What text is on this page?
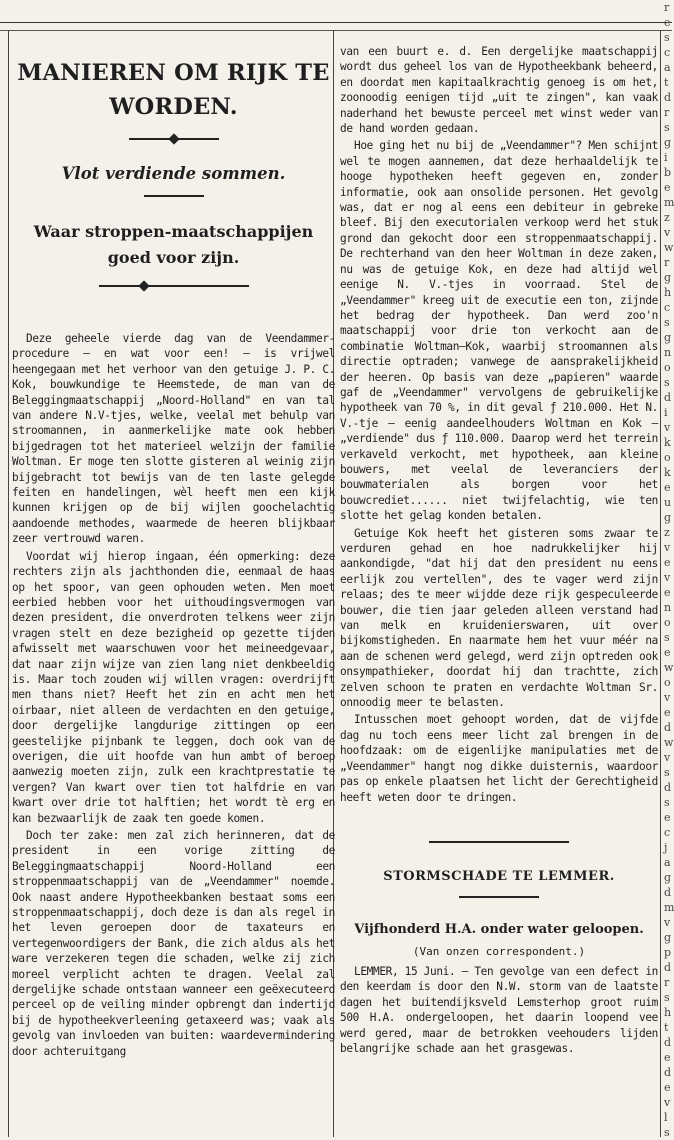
MANIEREN OM RIJK TE WORDEN.

Vlot verdiende sommen.

Waar stroppen-maatschappijen goed voor zijn.

Deze geheele vierde dag van de Veendammer-procedure — en wat voor een! — is vrijwel heengegaan met het verhoor van den getuige J. P. C. Kok, bouwkundige te Heemstede, de man van de Beleggingmaatschappij „Noord-Holland" en van tal van andere N.V-tjes, welke, veelal met behulp van stroomannen, in aanmerkelijke mate ook hebben bijgedragen tot het materieel welzijn der familie Woltman. Er moge ten slotte gisteren al weinig zijn bijgebracht tot bewijs van de ten laste gelegde feiten en handelingen, wèl heeft men een kijk kunnen krijgen op de bij wijlen goochelachtig aandoende methodes, waarmede de heeren blijkbaar zeer vertrouwd waren.

Voordat wij hierop ingaan, één opmerking: deze rechters zijn als jachthonden die, eenmaal de haas op het spoor, van geen ophouden weten. Men moet eerbied hebben voor het uithoudingsvermogen van dezen president, die onverdroten telkens weer zijn vragen stelt en deze bezigheid op gezette tijden afwisselt met waarschuwen voor het meineedgevaar, dat naar zijn wijze van zien lang niet denkbeeldig is. Maar toch zouden wij willen vragen: overdrijft men thans niet? Heeft het zin en acht men het oirbaar, niet alleen de verdachten en den getuige, door dergelijke langdurige zittingen op een geestelijke pijnbank te leggen, doch ook van de overigen, die uit hoofde van hun ambt of beroep aanwezig moeten zijn, zulk een krachtprestatie te vergen? Van kwart over tien tot halfdrie en van kwart over drie tot halftien; het wordt tè erg en kan bezwaarlijk de zaak ten goede komen.

Doch ter zake: men zal zich herinneren, dat de president in een vorige zitting de Beleggingmaatschappij Noord-Holland een stroppenmaatschappij van de „Veendammer" noemde. Ook naast andere Hypotheekbanken bestaat soms een stroppenmaatschappij, doch deze is dan als regel in het leven geroepen door de taxateurs en vertegenwoordigers der Bank, die zich aldus als het ware verzekeren tegen die schaden, welke zij zich moreel verplicht achten te dragen. Veelal zal dergelijke schade ontstaan wanneer een geëxecuteerd perceel op de veiling minder opbrengt dan indertijd bij de hypotheekverleening getaxeerd was; vaak als gevolg van invloeden van buiten: waardevermindering door achteruitgang

van een buurt e. d. Een dergelijke maatschappij wordt dus geheel los van de Hypotheekbank beheerd, en doordat men kapitaalkrachtig genoeg is om het, zoonoodig eenigen tijd „uit te zingen", kan vaak naderhand het bewuste perceel met winst weder van de hand worden gedaan.

Hoe ging het nu bij de „Veendammer"? Men schijnt wel te mogen aannemen, dat deze herhaaldelijk te hooge hypotheken heeft gegeven en, zonder informatie, ook aan onsolide personen. Het gevolg was, dat er nog al eens een debiteur in gebreke bleef. Bij den executorialen verkoop werd het stuk grond dan gekocht door een stroppenmaatschappij. De rechterhand van den heer Woltman in deze zaken, nu was de getuige Kok, en deze had altijd wel eenige N. V.-tjes in voorraad. Stel de „Veendammer" kreeg uit de executie een ton, zijnde het bedrag der hypotheek. Dan werd zoo'n maatschappij voor drie ton verkocht aan de combinatie Woltman—Kok, waarbij stroomannen als directie optraden; vanwege de aansprakelijkheid der heeren. Op basis van deze „papieren" waarde gaf de „Veendammer" vervolgens de gebruikelijke hypotheek van 70 %, in dit geval ƒ 210.000. Het N. V.-tje — eenig aandeelhouders Woltman en Kok — „verdiende" dus ƒ 110.000. Daarop werd het terrein verkaveld verkocht, met hypotheek, aan kleine bouwers, met veelal de leveranciers der bouwmaterialen als borgen voor het bouwcrediet...... niet twijfelachtig, wie ten slotte het gelag konden betalen.

Getuige Kok heeft het gisteren soms zwaar te verduren gehad en hoe nadrukkelijker hij aankondigde, "dat hij dat den president nu eens eerlijk zou vertellen", des te vager werd zijn relaas; des te meer wijdde deze rijk gespeculeerde bouwer, die tien jaar geleden alleen verstand had van melk en kruidenierswaren, uit over bijkomstigheden. En naarmate hem het vuur méér na aan de schenen werd gelegd, werd zijn optreden ook onsympathieker, doordat hij dan trachtte, zich zelven schoon te praten en verdachte Woltman Sr. onnoodig meer te belasten.

Intusschen moet gehoopt worden, dat de vijfde dag nu toch eens meer licht zal brengen in de hoofdzaak: om de eigenlijke manipulaties met de „Veendammer" hangt nog dikke duisternis, waardoor pas op enkele plaatsen het licht der Gerechtigheid heeft weten door te dringen.

STORMSCHADE TE LEMMER.

Vijfhonderd H.A. onder water geloopen.

(Van onzen correspondent.)

LEMMER, 15 Juni. — Ten gevolge van een defect in den keerdam is door den N.W. storm van de laatste dagen het buitendijksveld Lemsterhop groot ruim 500 H.A. ondergeloopen, het daarin loopend vee werd gered, maar de betrokken veehouders lijden belangrijke schade aan het grasgewas.

r
e
s
c
a
t
d
r
s
g
i
b
e
m
z
v
w
r
g
h
c
s
g
n
o
s
d
i
v
k
o
k
e
u
g
z
v
e
v
e
n
o
s
e
w
o
v
e
d
w
v
s
d
s
e
c
j
a
g
d
m
v
g
p
d
r
s
h
t
d
e
d
e
v
l
s
